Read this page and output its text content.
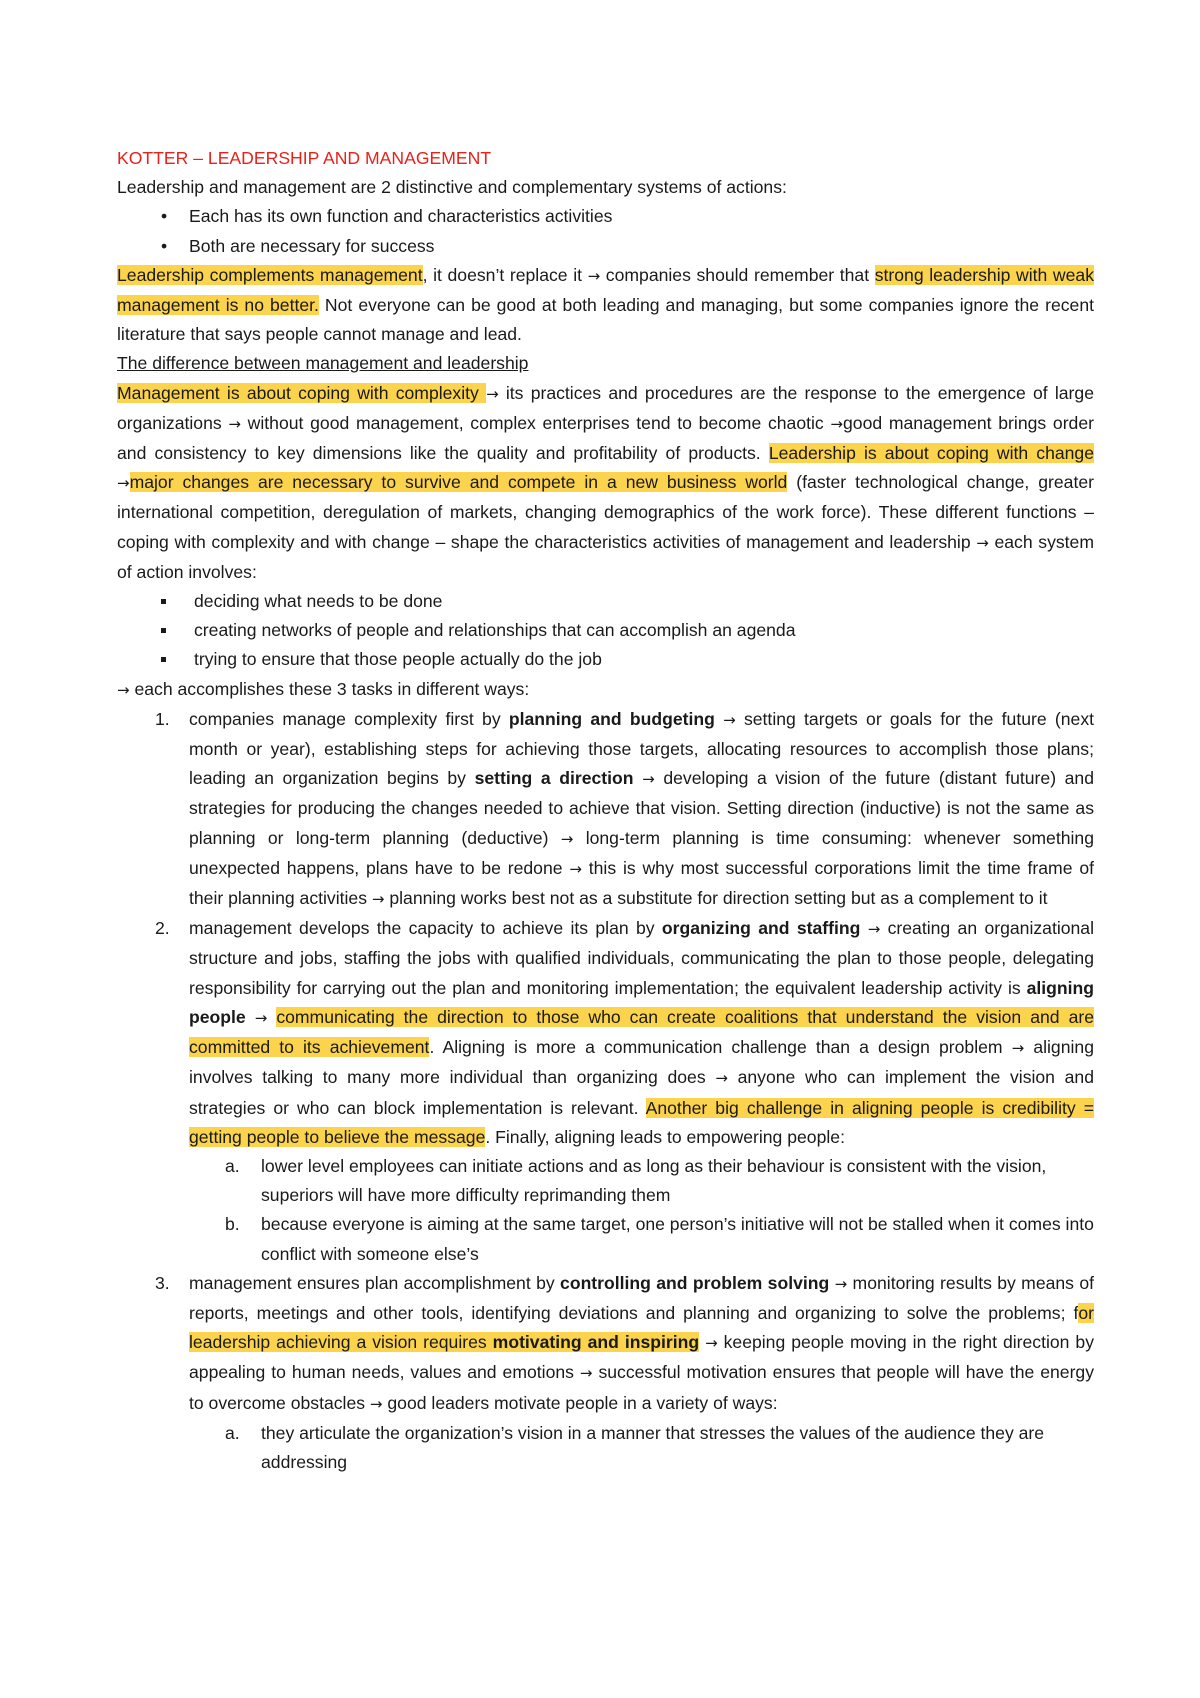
KOTTER – LEADERSHIP AND MANAGEMENT

Leadership and management are 2 distinctive and complementary systems of actions:

• Each has its own function and characteristics activities
• Both are necessary for success

Leadership complements management, it doesn’t replace it → companies should remember that strong leadership with weak management is no better. Not everyone can be good at both leading and managing, but some companies ignore the recent literature that says people cannot manage and lead.

The difference between management and leadership

Management is about coping with complexity → its practices and procedures are the response to the emergence of large organizations → without good management, complex enterprises tend to become chaotic →good management brings order and consistency to key dimensions like the quality and profitability of products. Leadership is about coping with change →major changes are necessary to survive and compete in a new business world (faster technological change, greater international competition, deregulation of markets, changing demographics of the work force). These different functions – coping with complexity and with change – shape the characteristics activities of management and leadership → each system of action involves:

deciding what needs to be done
creating networks of people and relationships that can accomplish an agenda
trying to ensure that those people actually do the job

→ each accomplishes these 3 tasks in different ways:

1. companies manage complexity first by planning and budgeting → setting targets or goals for the future (next month or year), establishing steps for achieving those targets, allocating resources to accomplish those plans; leading an organization begins by setting a direction → developing a vision of the future (distant future) and strategies for producing the changes needed to achieve that vision. Setting direction (inductive) is not the same as planning or long-term planning (deductive) → long-term planning is time consuming: whenever something unexpected happens, plans have to be redone → this is why most successful corporations limit the time frame of their planning activities → planning works best not as a substitute for direction setting but as a complement to it
2. management develops the capacity to achieve its plan by organizing and staffing → creating an organizational structure and jobs, staffing the jobs with qualified individuals, communicating the plan to those people, delegating responsibility for carrying out the plan and monitoring implementation; the equivalent leadership activity is aligning people → communicating the direction to those who can create coalitions that understand the vision and are committed to its achievement. Aligning is more a communication challenge than a design problem → aligning involves talking to many more individual than organizing does → anyone who can implement the vision and strategies or who can block implementation is relevant. Another big challenge in aligning people is credibility = getting people to believe the message. Finally, aligning leads to empowering people:
a. lower level employees can initiate actions and as long as their behaviour is consistent with the vision, superiors will have more difficulty reprimanding them
b. because everyone is aiming at the same target, one person’s initiative will not be stalled when it comes into conflict with someone else’s
3. management ensures plan accomplishment by controlling and problem solving → monitoring results by means of reports, meetings and other tools, identifying deviations and planning and organizing to solve the problems; for leadership achieving a vision requires motivating and inspiring → keeping people moving in the right direction by appealing to human needs, values and emotions → successful motivation ensures that people will have the energy to overcome obstacles → good leaders motivate people in a variety of ways:
a. they articulate the organization’s vision in a manner that stresses the values of the audience they are addressing
